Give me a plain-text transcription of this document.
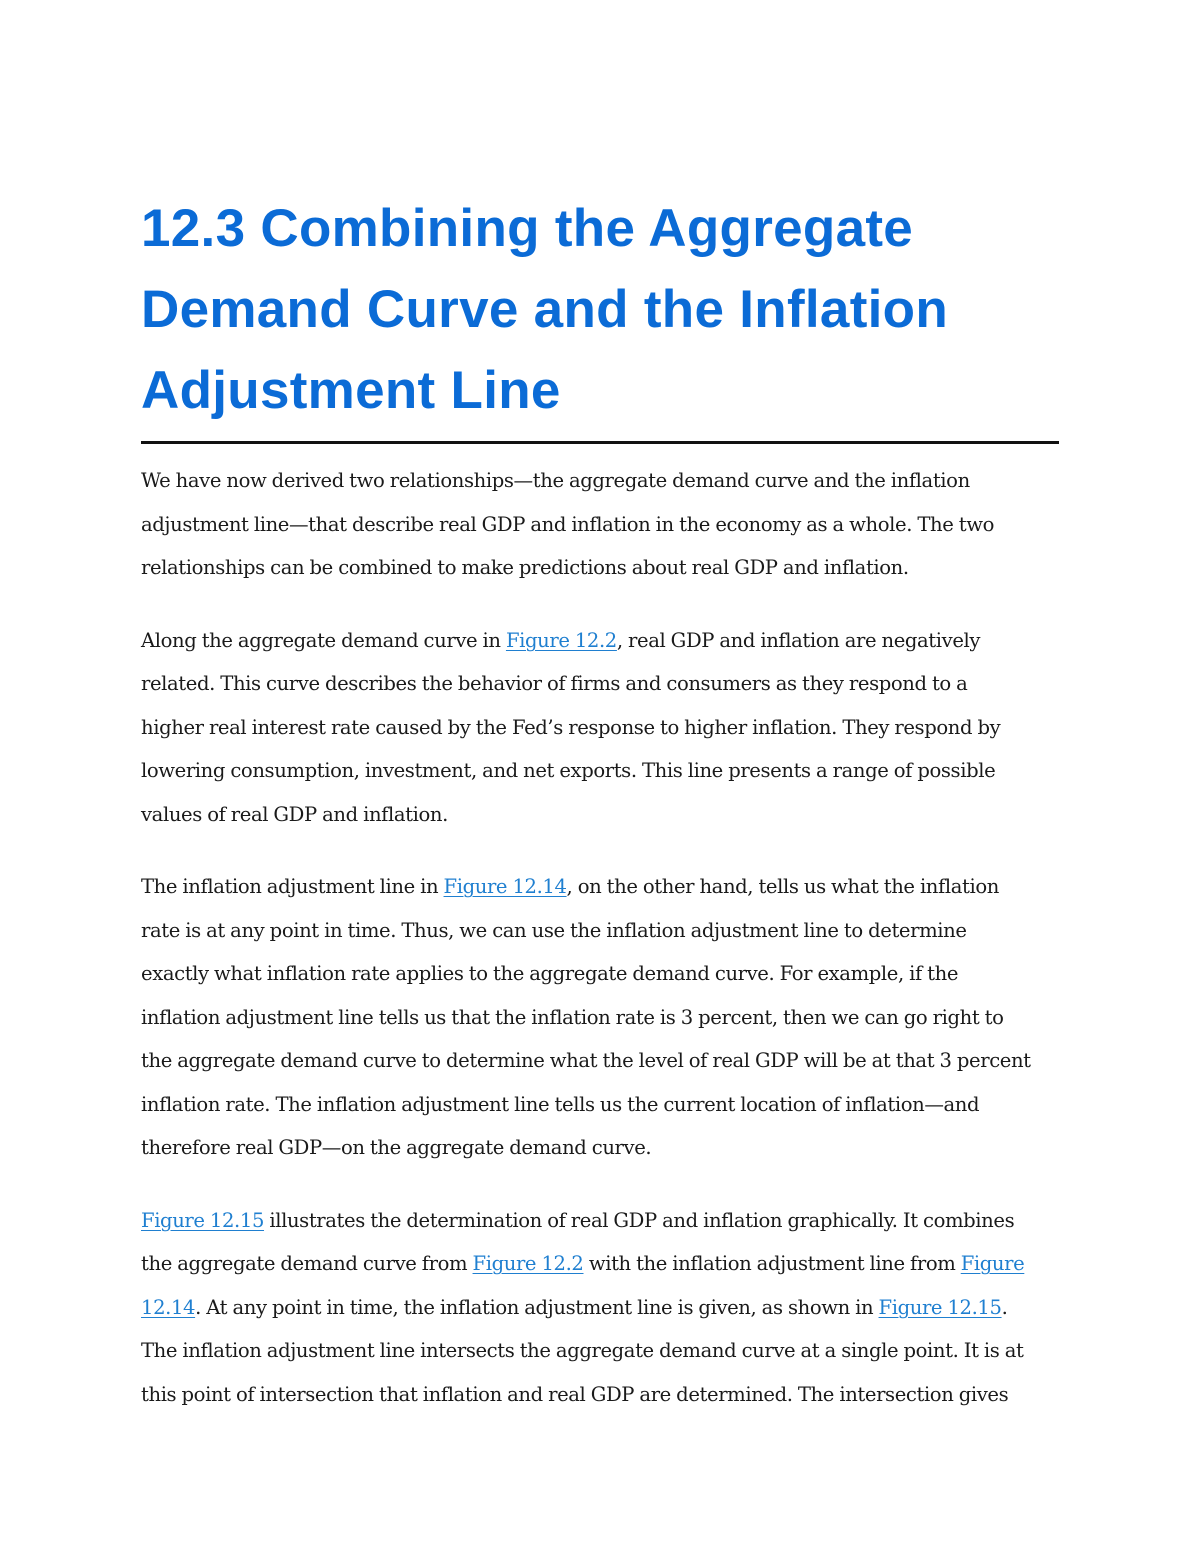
12.3 Combining the Aggregate
Demand Curve and the Inflation
Adjustment Line

We have now derived two relationships—the aggregate demand curve and the inflation
adjustment line—that describe real GDP and inflation in the economy as a whole. The two
relationships can be combined to make predictions about real GDP and inflation.

Along the aggregate demand curve in Figure 12.2, real GDP and inflation are negatively
related. This curve describes the behavior of firms and consumers as they respond to a
higher real interest rate caused by the Fed’s response to higher inflation. They respond by
lowering consumption, investment, and net exports. This line presents a range of possible
values of real GDP and inflation.

The inflation adjustment line in Figure 12.14, on the other hand, tells us what the inflation
rate is at any point in time. Thus, we can use the inflation adjustment line to determine
exactly what inflation rate applies to the aggregate demand curve. For example, if the
inflation adjustment line tells us that the inflation rate is 3 percent, then we can go right to
the aggregate demand curve to determine what the level of real GDP will be at that 3 percent
inflation rate. The inflation adjustment line tells us the current location of inflation—and
therefore real GDP—on the aggregate demand curve.

Figure 12.15 illustrates the determination of real GDP and inflation graphically. It combines
the aggregate demand curve from Figure 12.2 with the inflation adjustment line from Figure
12.14. At any point in time, the inflation adjustment line is given, as shown in Figure 12.15.
The inflation adjustment line intersects the aggregate demand curve at a single point. It is at
this point of intersection that inflation and real GDP are determined. The intersection gives
